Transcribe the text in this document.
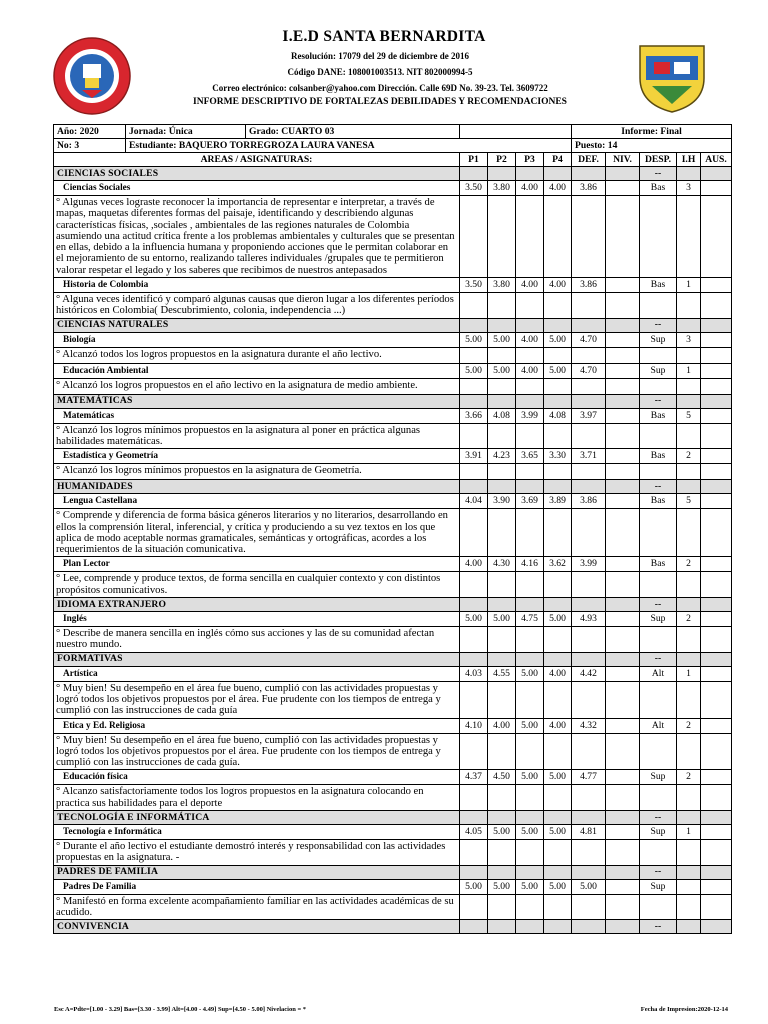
I.E.D SANTA BERNARDITA
Resolución: 17079 del 29 de diciembre de 2016
Código DANE: 108001003513. NIT 802000994-5
Correo electrónico: colsanber@yahoo.com Dirección. Calle 69D No. 39-23. Tel. 3609722
INFORME DESCRIPTIVO DE FORTALEZAS DEBILIDADES Y RECOMENDACIONES
Año: 2020	Jornada: Única	Grado: CUARTO 03					Informe: Final				
No: 3	Estudiante: BAQUERO TORREGROZA LAURA VANESA						Puesto: 14				
AREAS / ASIGNATURAS:			P1	P2	P3	P4	DEF.	NIV.	DESP.	I.H	AUS.
CIENCIAS SOCIALES									--		
Ciencias Sociales			3.50	3.80	4.00	4.00	3.86		Bas	3	
° Algunas veces lograste reconocer la importancia de representar e interpretar, a través de mapas, maquetas diferentes formas del paisaje, identificando y describiendo algunas características físicas, ,sociales , ambientales de las regiones naturales de Colombia asumiendo una actitud crítica frente a los problemas ambientales y culturales que se presentan en ellas, debido a la influencia humana y proponiendo acciones que le permitan colaborar en el mejoramiento de su entorno, realizando talleres individuales /grupales que te permitieron valorar respetar el legado y los saberes que recibimos de nuestros antepasados											
Historia de Colombia			3.50	3.80	4.00	4.00	3.86		Bas	1	
° Alguna veces identificó y comparó algunas causas que dieron lugar a los diferentes períodos históricos en Colombia( Descubrimiento, colonia, independencia ...)											
CIENCIAS NATURALES									--		
Biología			5.00	5.00	4.00	5.00	4.70		Sup	3	
° Alcanzó todos los logros propuestos en la asignatura durante el año lectivo.											
Educación Ambiental			5.00	5.00	4.00	5.00	4.70		Sup	1	
° Alcanzó los logros propuestos en el año lectivo en la asignatura de medio ambiente.											
MATEMÁTICAS									--		
Matemáticas			3.66	4.08	3.99	4.08	3.97		Bas	5	
° Alcanzó los logros mínimos propuestos en la asignatura al poner en práctica algunas habilidades matemáticas.											
Estadística y Geometría			3.91	4.23	3.65	3.30	3.71		Bas	2	
° Alcanzó los logros mínimos propuestos en la asignatura de Geometría.											
HUMANIDADES									--		
Lengua Castellana			4.04	3.90	3.69	3.89	3.86		Bas	5	
° Comprende y diferencia de forma básica géneros literarios y no literarios, desarrollando en ellos la comprensión literal, inferencial, y crítica y produciendo a su vez textos en los que aplica de modo aceptable normas gramaticales, semánticas y ortográficas, acordes a los requerimientos de la situación comunicativa.											
Plan Lector			4.00	4.30	4.16	3.62	3.99		Bas	2	
° Lee, comprende y produce textos, de forma sencilla en cualquier contexto y con distintos propósitos comunicativos.											
IDIOMA EXTRANJERO									--		
Inglés			5.00	5.00	4.75	5.00	4.93		Sup	2	
° Describe de manera sencilla en inglés cómo sus acciones y las de su comunidad afectan nuestro mundo.											
FORMATIVAS									--		
Artística			4.03	4.55	5.00	4.00	4.42		Alt	1	
° Muy bien! Su desempeño en el área fue bueno, cumplió con las actividades propuestas y logró todos los objetivos propuestos por el área. Fue prudente con los tiempos de entrega y cumplió con las instrucciones de cada guía											
Etica y Ed. Religiosa			4.10	4.00	5.00	4.00	4.32		Alt	2	
° Muy bien! Su desempeño en el área fue bueno, cumplió con las actividades propuestas y logró todos los objetivos propuestos por el área. Fue prudente con los tiempos de entrega y cumplió con las instrucciones de cada guía.											
Educación física			4.37	4.50	5.00	5.00	4.77		Sup	2	
° Alcanzo satisfactoriamente todos los logros propuestos en la asignatura colocando en practica sus habilidades para el deporte											
TECNOLOGÍA E INFORMÁTICA									--		
Tecnología e Informática			4.05	5.00	5.00	5.00	4.81		Sup	1	
° Durante el año lectivo el estudiante demostró interés y responsabilidad con las actividades propuestas en la asignatura. -											
PADRES DE FAMILIA									--		
Padres De Familia			5.00	5.00	5.00	5.00	5.00		Sup		
° Manifestó en forma excelente acompañamiento familiar en las actividades académicas de su acudido.											
CONVIVENCIA									--		
Esc A=Pdte=[1.00 - 3.29] Bas=[3.30 - 3.99] Alt=[4.00 - 4.49] Sup=[4.50 - 5.00] Nivelacion = *	Fecha de Impresion:2020-12-14
